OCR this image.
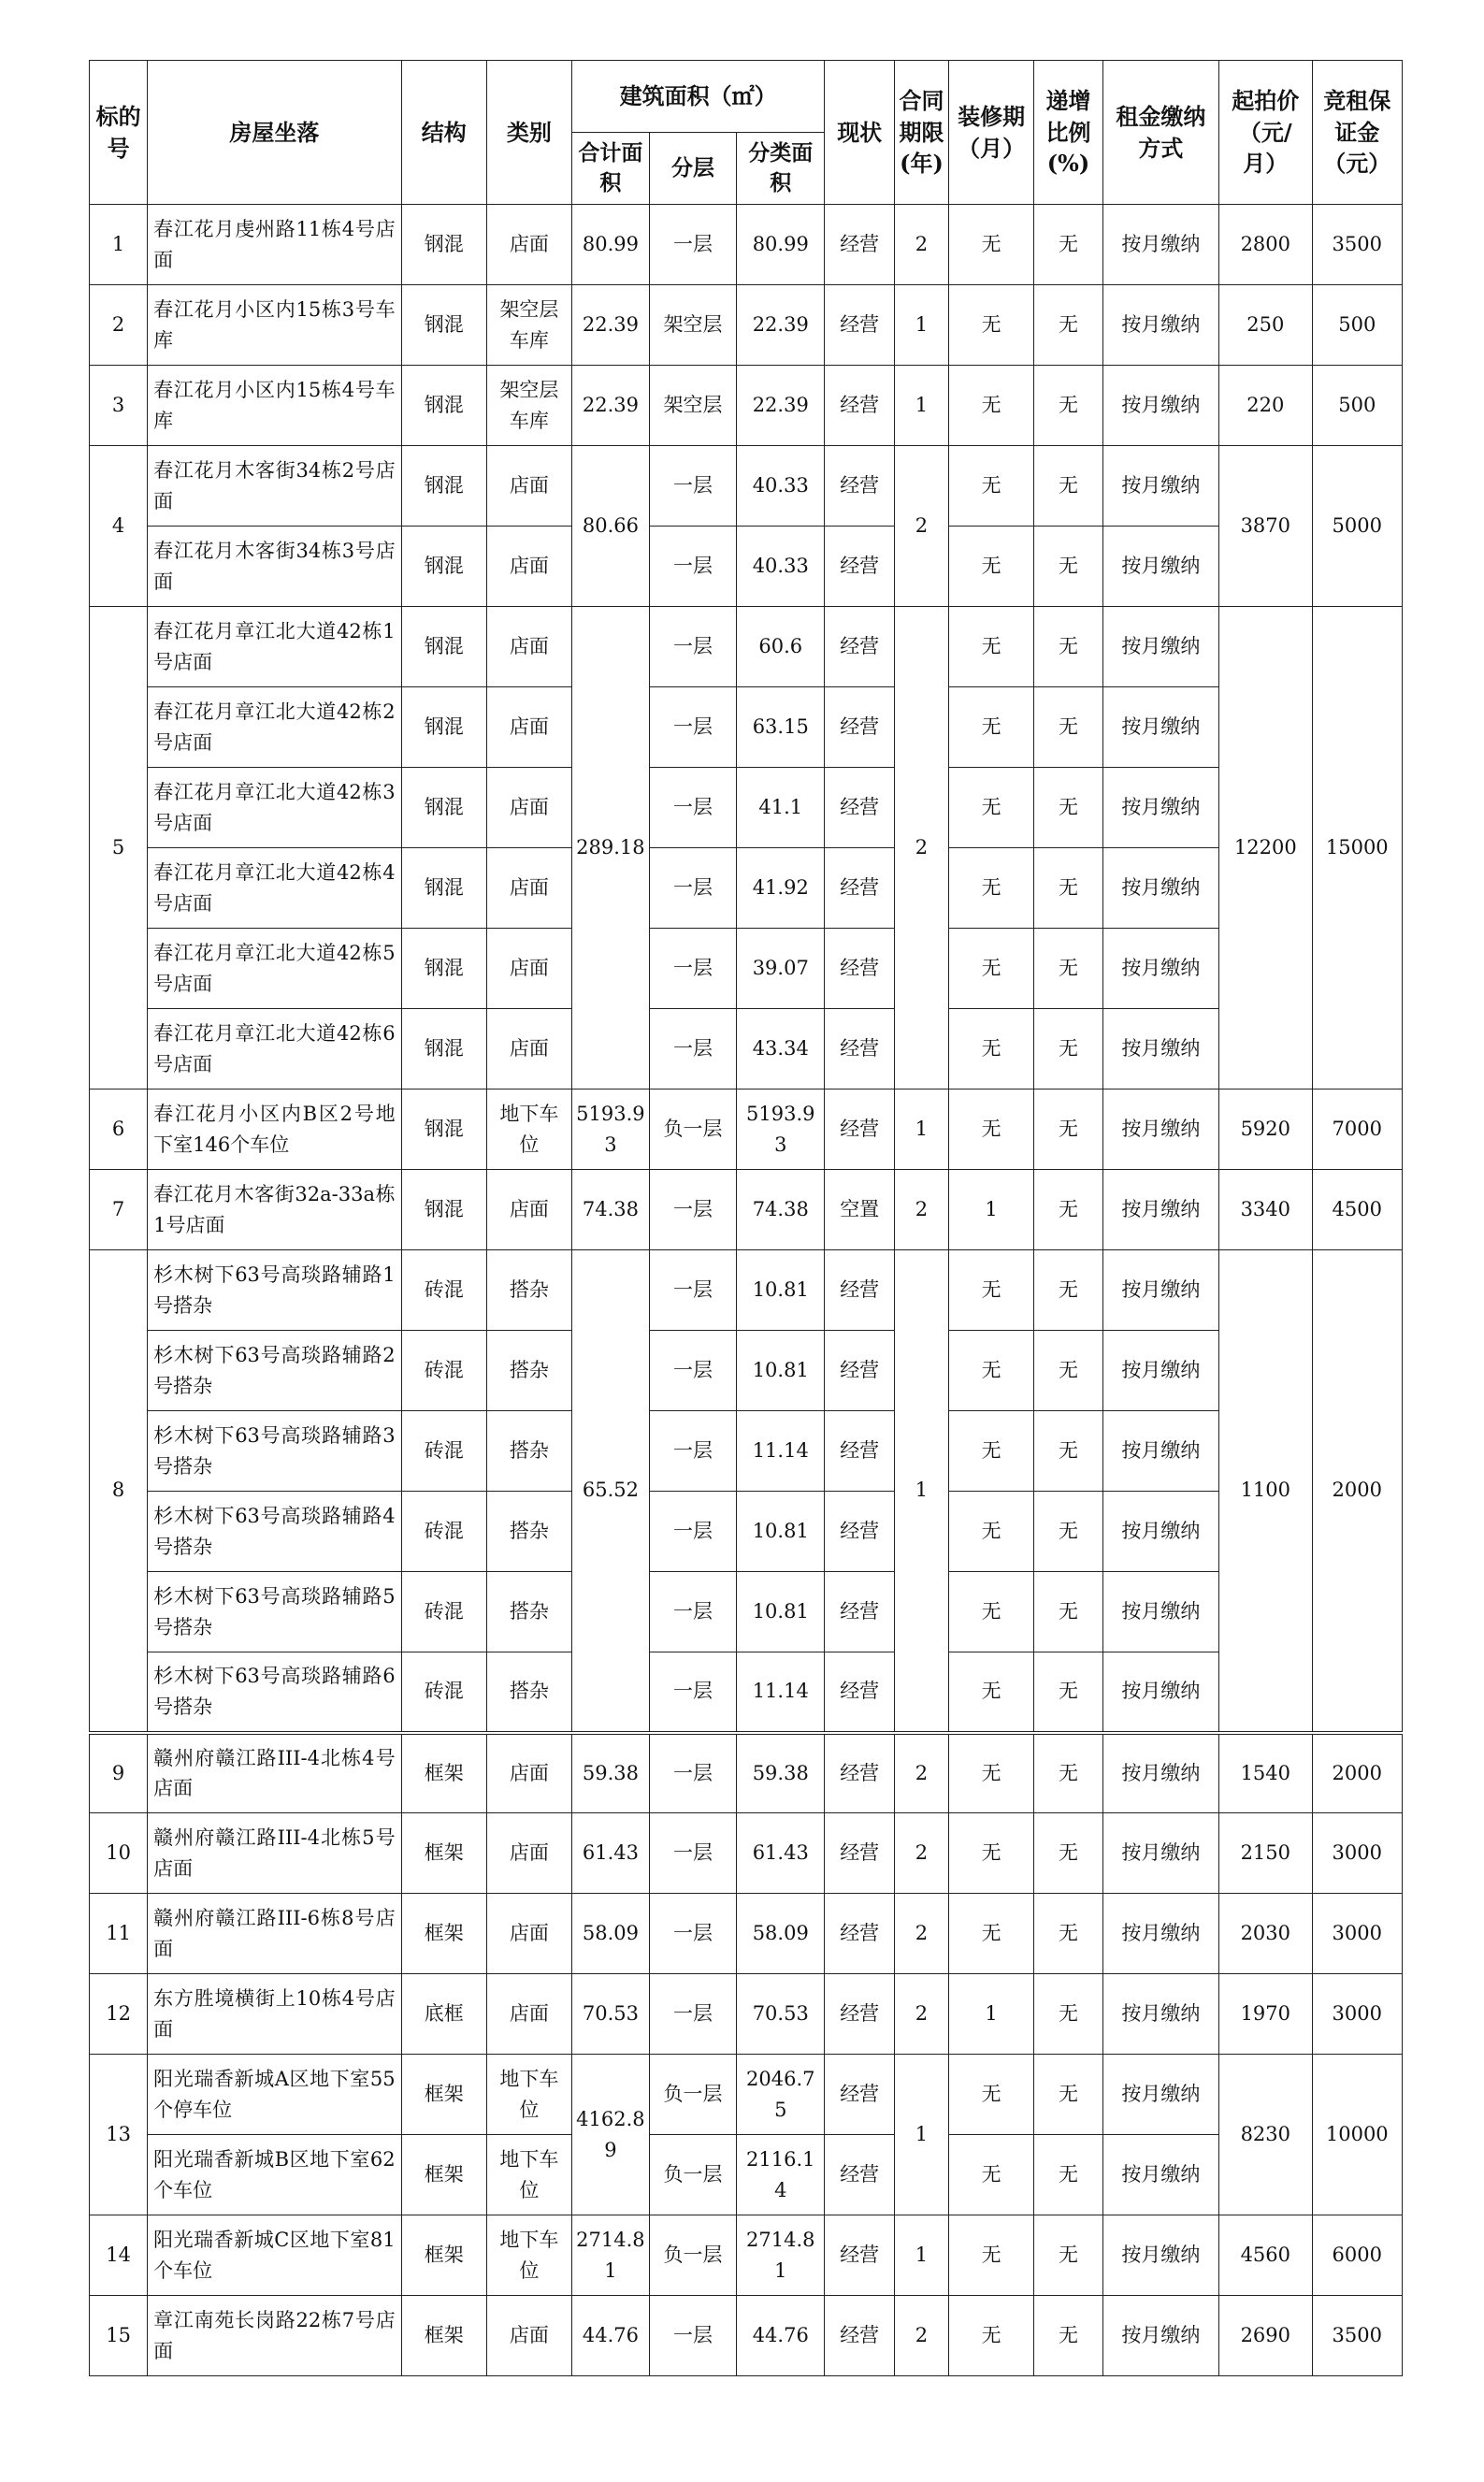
标的号	房屋坐落	结构	类别	建筑面积（㎡）			现状	合同期限(年)	装修期（月）	递增比例(%)	租金缴纳方式	起拍价（元/月）	竞租保证金（元）
				合计面积	分层	分类面积							
1	春江花月虔州路11栋4号店面	钢混	店面	80.99	一层	80.99	经营	2	无	无	按月缴纳	2800	3500
2	春江花月小区内15栋3号车库	钢混	架空层车库	22.39	架空层	22.39	经营	1	无	无	按月缴纳	250	500
3	春江花月小区内15栋4号车库	钢混	架空层车库	22.39	架空层	22.39	经营	1	无	无	按月缴纳	220	500
4	春江花月木客街34栋2号店面	钢混	店面	80.66	一层	40.33	经营	2	无	无	按月缴纳	3870	5000
	春江花月木客街34栋3号店面	钢混	店面		一层	40.33	经营		无	无	按月缴纳		
5	春江花月章江北大道42栋1号店面	钢混	店面	289.18	一层	60.6	经营	2	无	无	按月缴纳	12200	15000
	春江花月章江北大道42栋2号店面	钢混	店面		一层	63.15	经营		无	无	按月缴纳		
	春江花月章江北大道42栋3号店面	钢混	店面		一层	41.1	经营		无	无	按月缴纳		
	春江花月章江北大道42栋4号店面	钢混	店面		一层	41.92	经营		无	无	按月缴纳		
	春江花月章江北大道42栋5号店面	钢混	店面		一层	39.07	经营		无	无	按月缴纳		
	春江花月章江北大道42栋6号店面	钢混	店面		一层	43.34	经营		无	无	按月缴纳		
6	春江花月小区内B区2号地下室146个车位	钢混	地下车位	5193.93	负一层	5193.93	经营	1	无	无	按月缴纳	5920	7000
7	春江花月木客街32a-33a栋1号店面	钢混	店面	74.38	一层	74.38	空置	2	1	无	按月缴纳	3340	4500
8	杉木树下63号高琰路辅路1号搭杂	砖混	搭杂	65.52	一层	10.81	经营	1	无	无	按月缴纳	1100	2000
	杉木树下63号高琰路辅路2号搭杂	砖混	搭杂		一层	10.81	经营		无	无	按月缴纳		
	杉木树下63号高琰路辅路3号搭杂	砖混	搭杂		一层	11.14	经营		无	无	按月缴纳		
	杉木树下63号高琰路辅路4号搭杂	砖混	搭杂		一层	10.81	经营		无	无	按月缴纳		
	杉木树下63号高琰路辅路5号搭杂	砖混	搭杂		一层	10.81	经营		无	无	按月缴纳		
	杉木树下63号高琰路辅路6号搭杂	砖混	搭杂		一层	11.14	经营		无	无	按月缴纳		
9	赣州府赣江路III-4北栋4号店面	框架	店面	59.38	一层	59.38	经营	2	无	无	按月缴纳	1540	2000
10	赣州府赣江路III-4北栋5号店面	框架	店面	61.43	一层	61.43	经营	2	无	无	按月缴纳	2150	3000
11	赣州府赣江路III-6栋8号店面	框架	店面	58.09	一层	58.09	经营	2	无	无	按月缴纳	2030	3000
12	东方胜境横街上10栋4号店面	底框	店面	70.53	一层	70.53	经营	2	1	无	按月缴纳	1970	3000
13	阳光瑞香新城A区地下室55个停车位	框架	地下车位	4162.89	负一层	2046.75	经营	1	无	无	按月缴纳	8230	10000
	阳光瑞香新城B区地下室62个车位	框架	地下车位		负一层	2116.14	经营		无	无	按月缴纳		
14	阳光瑞香新城C区地下室81个车位	框架	地下车位	2714.81	负一层	2714.81	经营	1	无	无	按月缴纳	4560	6000
15	章江南苑长岗路22栋7号店面	框架	店面	44.76	一层	44.76	经营	2	无	无	按月缴纳	2690	3500
